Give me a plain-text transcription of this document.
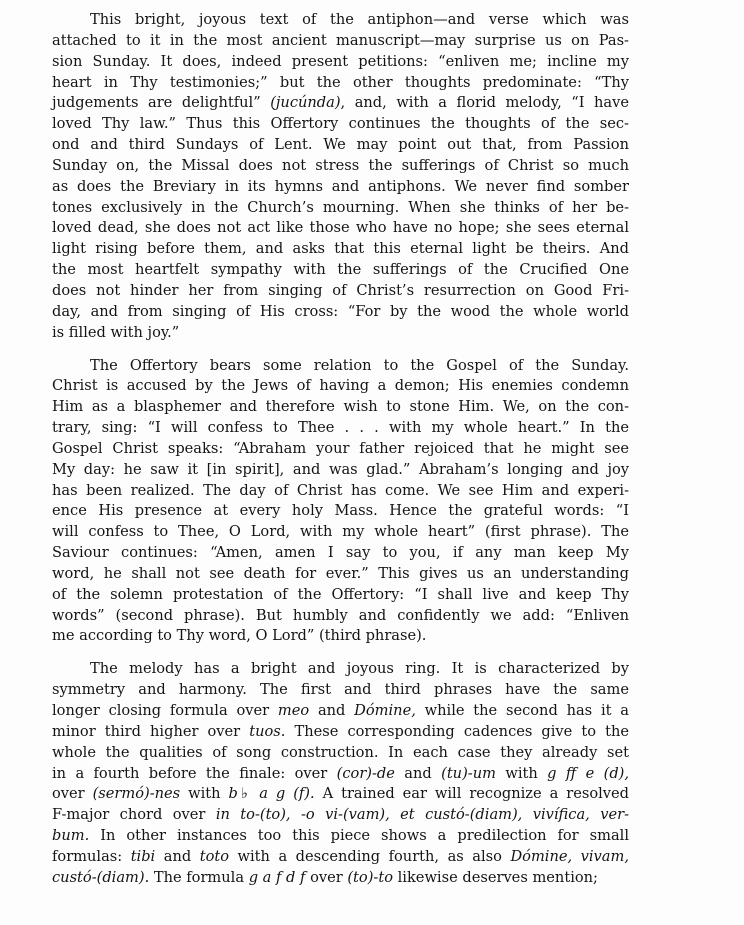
This bright, joyous text of the antiphon—and verse which was
attached to it in the most ancient manuscript—may surprise us on Pas-
sion Sunday. It does, indeed present petitions: “enliven me; incline my
heart in Thy testimonies;” but the other thoughts predominate: “Thy
judgements are delightful” (jucúnda), and, with a florid melody, “I have
loved Thy law.” Thus this Offertory continues the thoughts of the sec-
ond and third Sundays of Lent. We may point out that, from Passion
Sunday on, the Missal does not stress the sufferings of Christ so much
as does the Breviary in its hymns and antiphons. We never find somber
tones exclusively in the Church’s mourning. When she thinks of her be-
loved dead, she does not act like those who have no hope; she sees eternal
light rising before them, and asks that this eternal light be theirs. And
the most heartfelt sympathy with the sufferings of the Crucified One
does not hinder her from singing of Christ’s resurrection on Good Fri-
day, and from singing of His cross: “For by the wood the whole world
is filled with joy.”
The Offertory bears some relation to the Gospel of the Sunday.
Christ is accused by the Jews of having a demon; His enemies condemn
Him as a blasphemer and therefore wish to stone Him. We, on the con-
trary, sing: “I will confess to Thee . . . with my whole heart.” In the
Gospel Christ speaks: “Abraham your father rejoiced that he might see
My day: he saw it [in spirit], and was glad.” Abraham’s longing and joy
has been realized. The day of Christ has come. We see Him and experi-
ence His presence at every holy Mass. Hence the grateful words: “I
will confess to Thee, O Lord, with my whole heart” (first phrase). The
Saviour continues: “Amen, amen I say to you, if any man keep My
word, he shall not see death for ever.” This gives us an understanding
of the solemn protestation of the Offertory: “I shall live and keep Thy
words” (second phrase). But humbly and confidently we add: “Enliven
me according to Thy word, O Lord” (third phrase).
The melody has a bright and joyous ring. It is characterized by
symmetry and harmony. The first and third phrases have the same
longer closing formula over meo and Dómine, while the second has it a
minor third higher over tuos. These corresponding cadences give to the
whole the qualities of song construction. In each case they already set
in a fourth before the finale: over (cor)-de and (tu)-um with g ff e (d),
over (sermó)-nes with b♭ a g (f). A trained ear will recognize a resolved
F-major chord over in to-(to), -o vi-(vam), et custó-(diam), vivífica, ver-
bum. In other instances too this piece shows a predilection for small
formulas: tibi and toto with a descending fourth, as also Dómine, vivam,
custó-(diam). The formula g a f d f over (to)-to likewise deserves mention;
